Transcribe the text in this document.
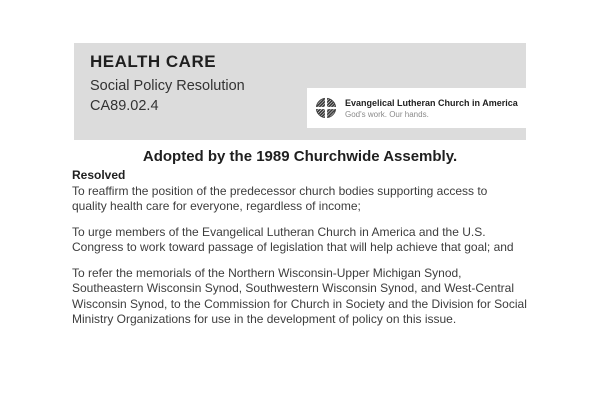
HEALTH CARE
Social Policy Resolution
CA89.02.4	Evangelical Lutheran Church in America
God's work. Our hands.
Adopted by the 1989 Churchwide Assembly.
Resolved
To reaffirm the position of the predecessor church bodies supporting access to
quality health care for everyone, regardless of income;
To urge members of the Evangelical Lutheran Church in America and the U.S.
Congress to work toward passage of legislation that will help achieve that goal; and
To refer the memorials of the Northern Wisconsin-Upper Michigan Synod,
Southeastern Wisconsin Synod, Southwestern Wisconsin Synod, and West-Central
Wisconsin Synod, to the Commission for Church in Society and the Division for Social
Ministry Organizations for use in the development of policy on this issue.
